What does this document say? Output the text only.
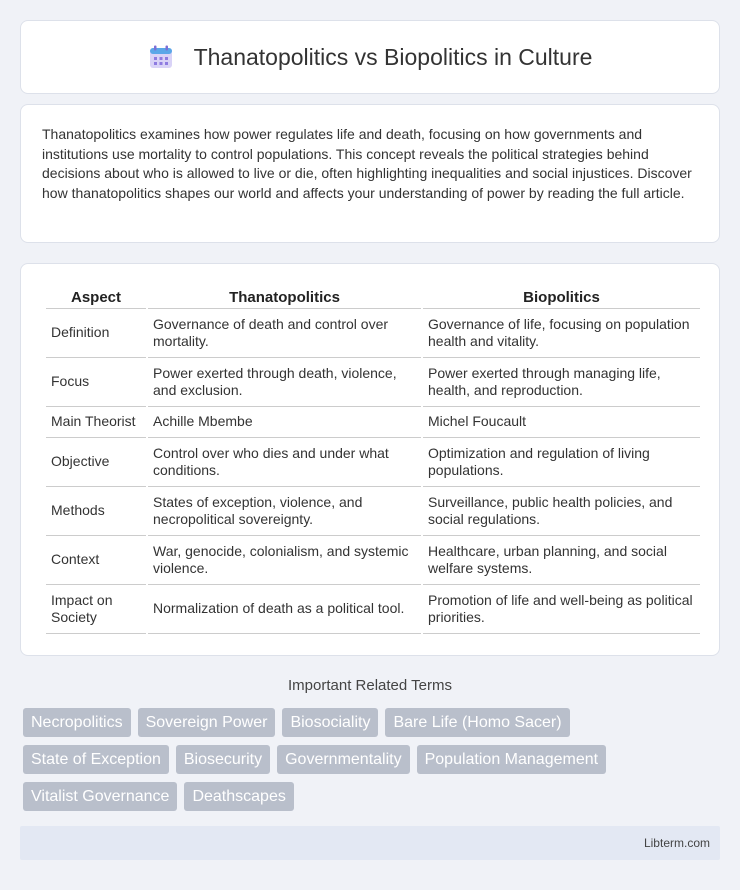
Thanatopolitics vs Biopolitics in Culture

Thanatopolitics examines how power regulates life and death, focusing on how governments and institutions use mortality to control populations. This concept reveals the political strategies behind decisions about who is allowed to live or die, often highlighting inequalities and social injustices. Discover how thanatopolitics shapes our world and affects your understanding of power by reading the full article.

Aspect	Thanatopolitics	Biopolitics
Definition	Governance of death and control over mortality.	Governance of life, focusing on population health and vitality.
Focus	Power exerted through death, violence, and exclusion.	Power exerted through managing life, health, and reproduction.
Main Theorist	Achille Mbembe	Michel Foucault
Objective	Control over who dies and under what conditions.	Optimization and regulation of living populations.
Methods	States of exception, violence, and necropolitical sovereignty.	Surveillance, public health policies, and social regulations.
Context	War, genocide, colonialism, and systemic violence.	Healthcare, urban planning, and social welfare systems.
Impact on Society	Normalization of death as a political tool.	Promotion of life and well-being as political priorities.
Important Related Terms
Necropolitics	Sovereign Power	Biosociality	Bare Life (Homo Sacer)
State of Exception	Biosecurity	Governmentality	Population Management
Vitalist Governance	Deathscapes
Libterm.com
